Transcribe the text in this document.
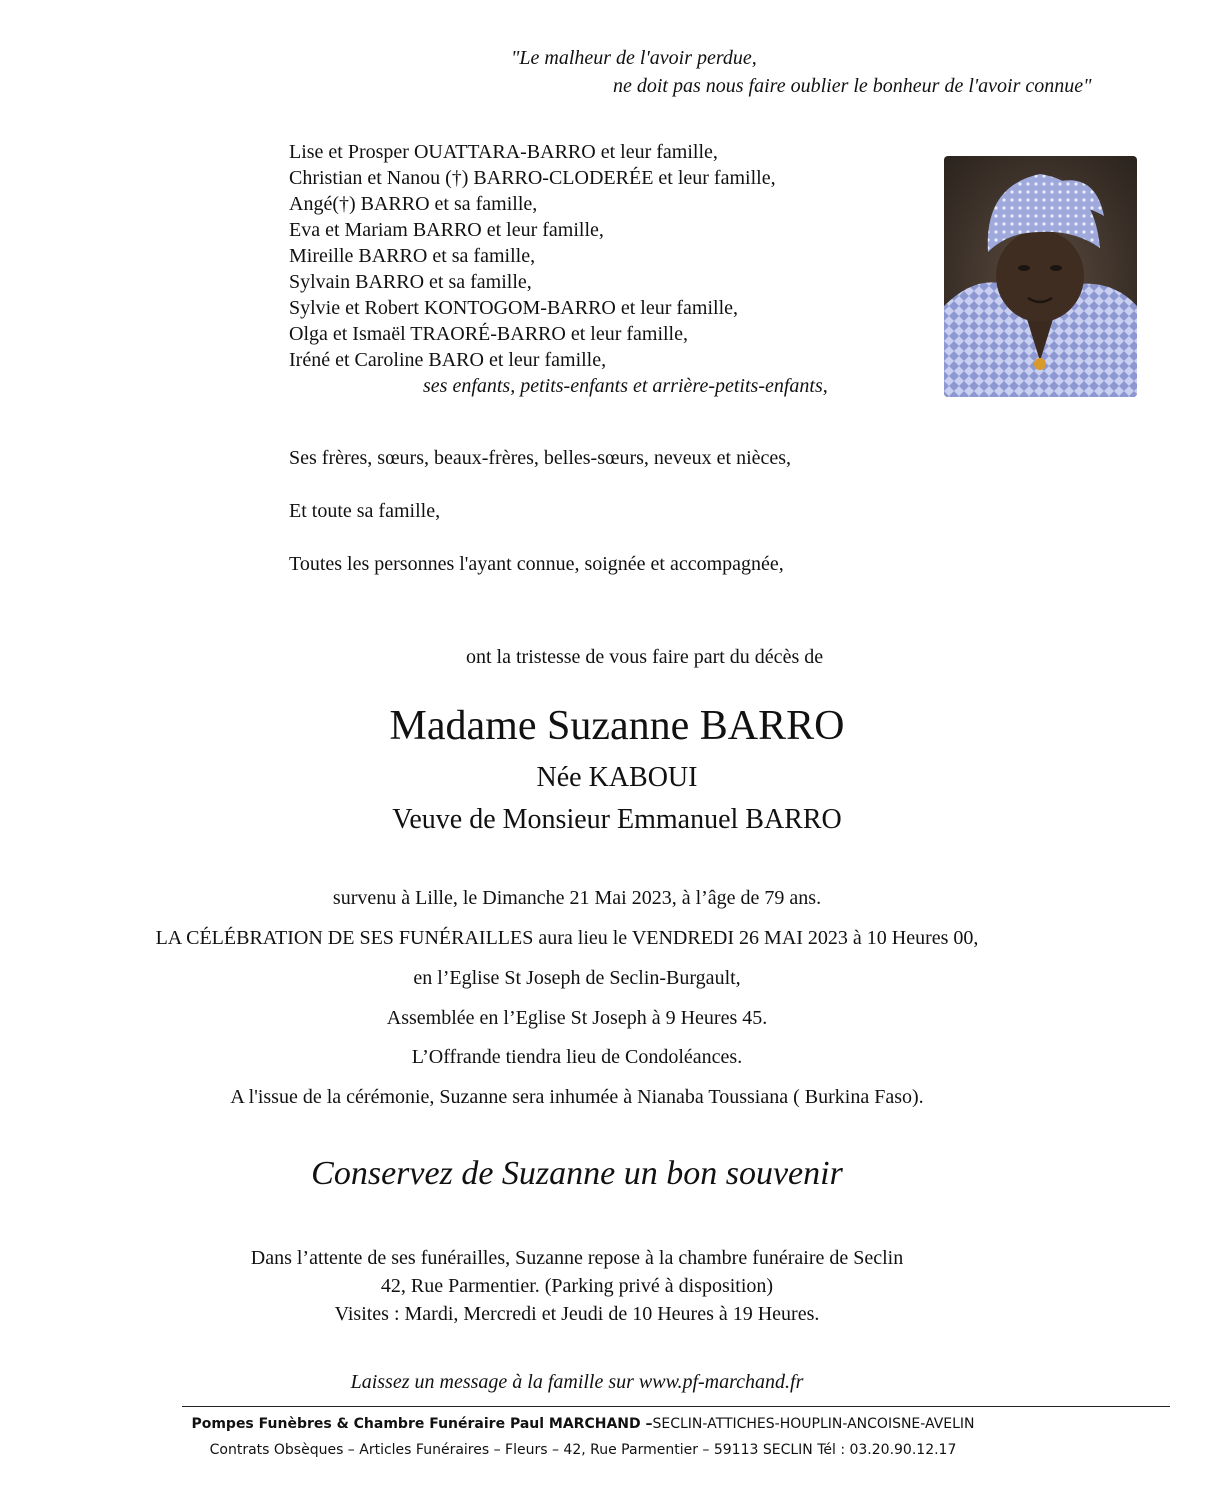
"Le malheur de l'avoir perdue,
ne doit pas nous faire oublier le bonheur de l'avoir connue"
Lise et Prosper OUATTARA-BARRO et leur famille,
Christian et Nanou (†) BARRO-CLODERÉE et leur famille,
Angé(†) BARRO et sa famille,
Eva et Mariam BARRO et leur famille,
Mireille BARRO et sa famille,
Sylvain BARRO et sa famille,
Sylvie et Robert KONTOGOM-BARRO et leur famille,
Olga et Ismaël TRAORÉ-BARRO et leur famille,
Iréné et Caroline BARO et leur famille,
ses enfants, petits-enfants et arrière-petits-enfants,
Ses frères, sœurs, beaux-frères, belles-sœurs, neveux et nièces,
Et toute sa famille,
Toutes les personnes l'ayant connue, soignée et accompagnée,
ont la tristesse de vous faire part du décès de
Madame Suzanne BARRO
Née KABOUI
Veuve de Monsieur Emmanuel BARRO
survenu à Lille, le Dimanche 21 Mai 2023, à l’âge de 79 ans.
LA CÉLÉBRATION DE SES FUNÉRAILLES aura lieu le VENDREDI 26 MAI 2023 à 10 Heures 00,
en l’Eglise St Joseph de Seclin-Burgault,
Assemblée en l’Eglise St Joseph à 9 Heures 45.
L’Offrande tiendra lieu de Condoléances.
A l'issue de la cérémonie, Suzanne sera inhumée à Nianaba Toussiana ( Burkina Faso).
Conservez de Suzanne un bon souvenir
Dans l’attente de ses funérailles, Suzanne repose à la chambre funéraire de Seclin
42, Rue Parmentier. (Parking privé à disposition)
Visites : Mardi, Mercredi et Jeudi de 10 Heures à 19 Heures.
Laissez un message à la famille sur www.pf-marchand.fr
Pompes Funèbres & Chambre Funéraire Paul MARCHAND –SECLIN-ATTICHES-HOUPLIN-ANCOISNE-AVELIN
Contrats Obsèques – Articles Funéraires – Fleurs – 42, Rue Parmentier – 59113 SECLIN Tél : 03.20.90.12.17
